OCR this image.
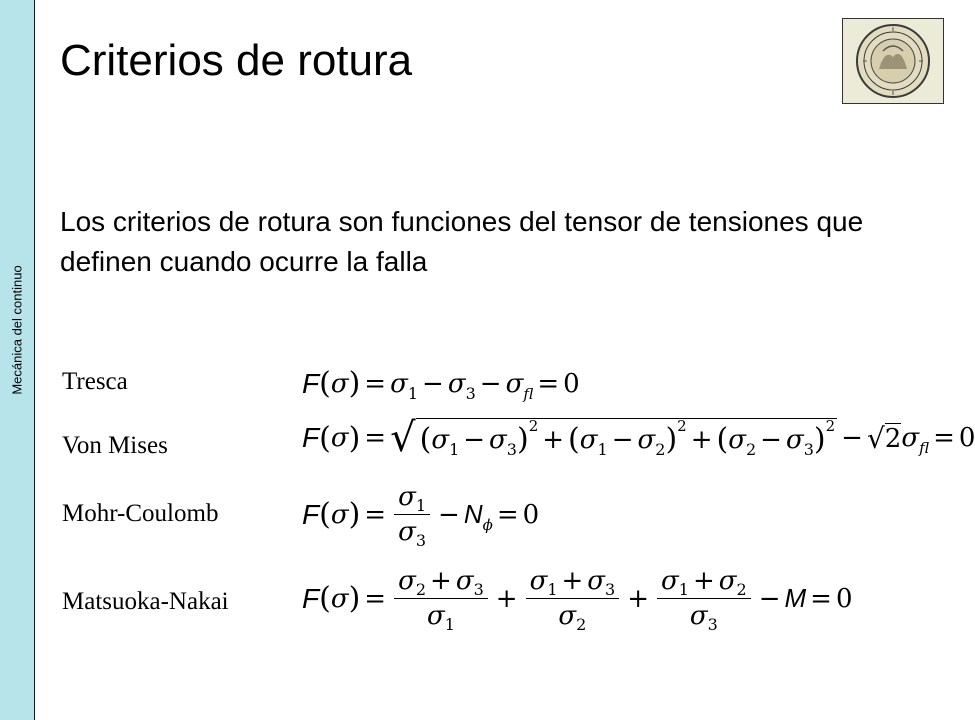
Mecánica del continuo
Criterios de rotura
Los criterios de rotura son funciones del tensor de tensiones que definen cuando ocurre la falla
Tresca
Von Mises
Mohr-Coulomb
Matsuoka-Nakai
F ( σ ) = σ 1 − σ 3 − σ fl = 0
F ( σ ) = √ ( σ 1 − σ 3 ) 2 + ( σ 1 − σ 2 ) 2 + ( σ 2 − σ 3 ) 2 − √ 2 σ fl = 0
F ( σ ) = $\frac{\sigma_1}{\sigma_3} - N$ ϕ = 0
F ( σ ) = $\frac{\sigma_2 + \sigma_3}{\sigma_1} + \frac{\sigma_1 + \sigma_3}{\sigma_2} + \frac{\sigma_1 + \sigma_2}{\sigma_3} - M = 0$
